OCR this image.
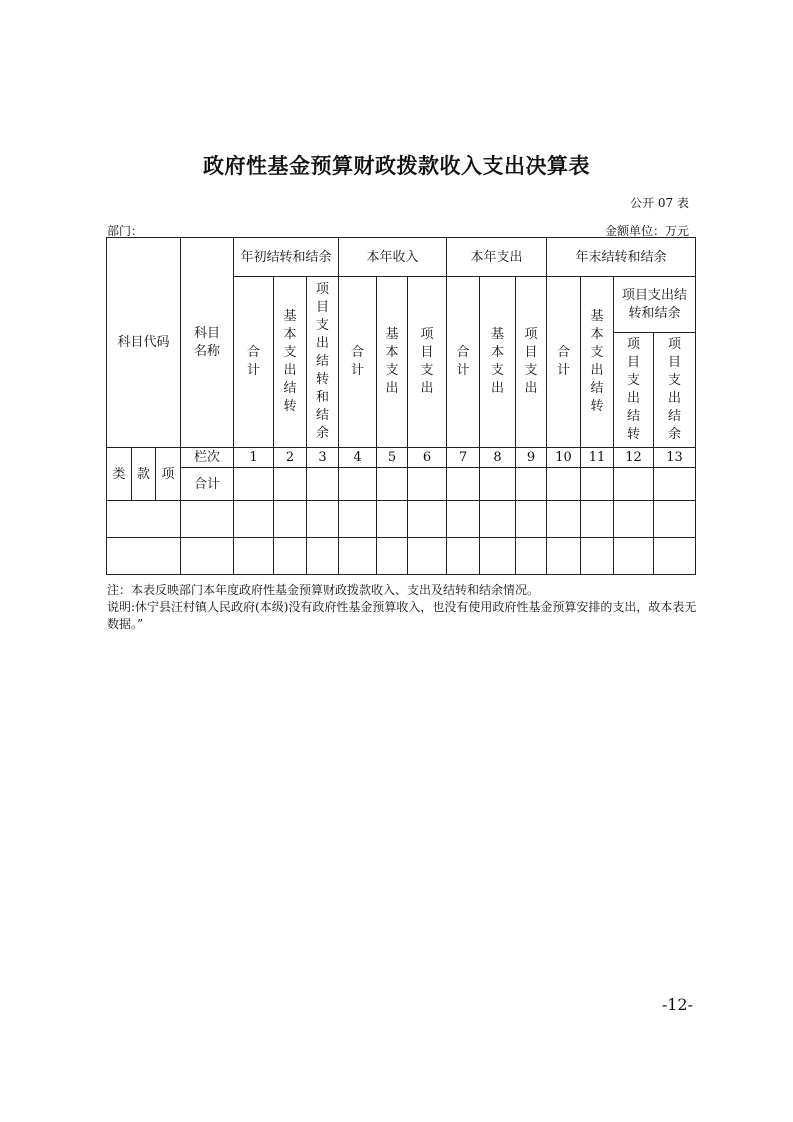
政府性基金预算财政拨款收入支出决算表
公开 07 表
部门：	金额单位：万元
科目代码			科目名称	年初结转和结余			本年收入			本年支出			年末结转和结余			
				合计	基本支出结转	项目支出结转和结余	合计	基本支出	项目支出	合计	基本支出	项目支出	合计	基本支出结转	项目支出结转和结余	
															项目支出结转	项目支出结余
类	款	项	栏次	1	2	3	4	5	6	7	8	9	10	11	12	13
			合计													

注：本表反映部门本年度政府性基金预算财政拨款收入、支出及结转和结余情况。
说明:休宁县汪村镇人民政府(本级)没有政府性基金预算收入，也没有使用政府性基金预算安排的支出，故本表无数据。”
-12-
